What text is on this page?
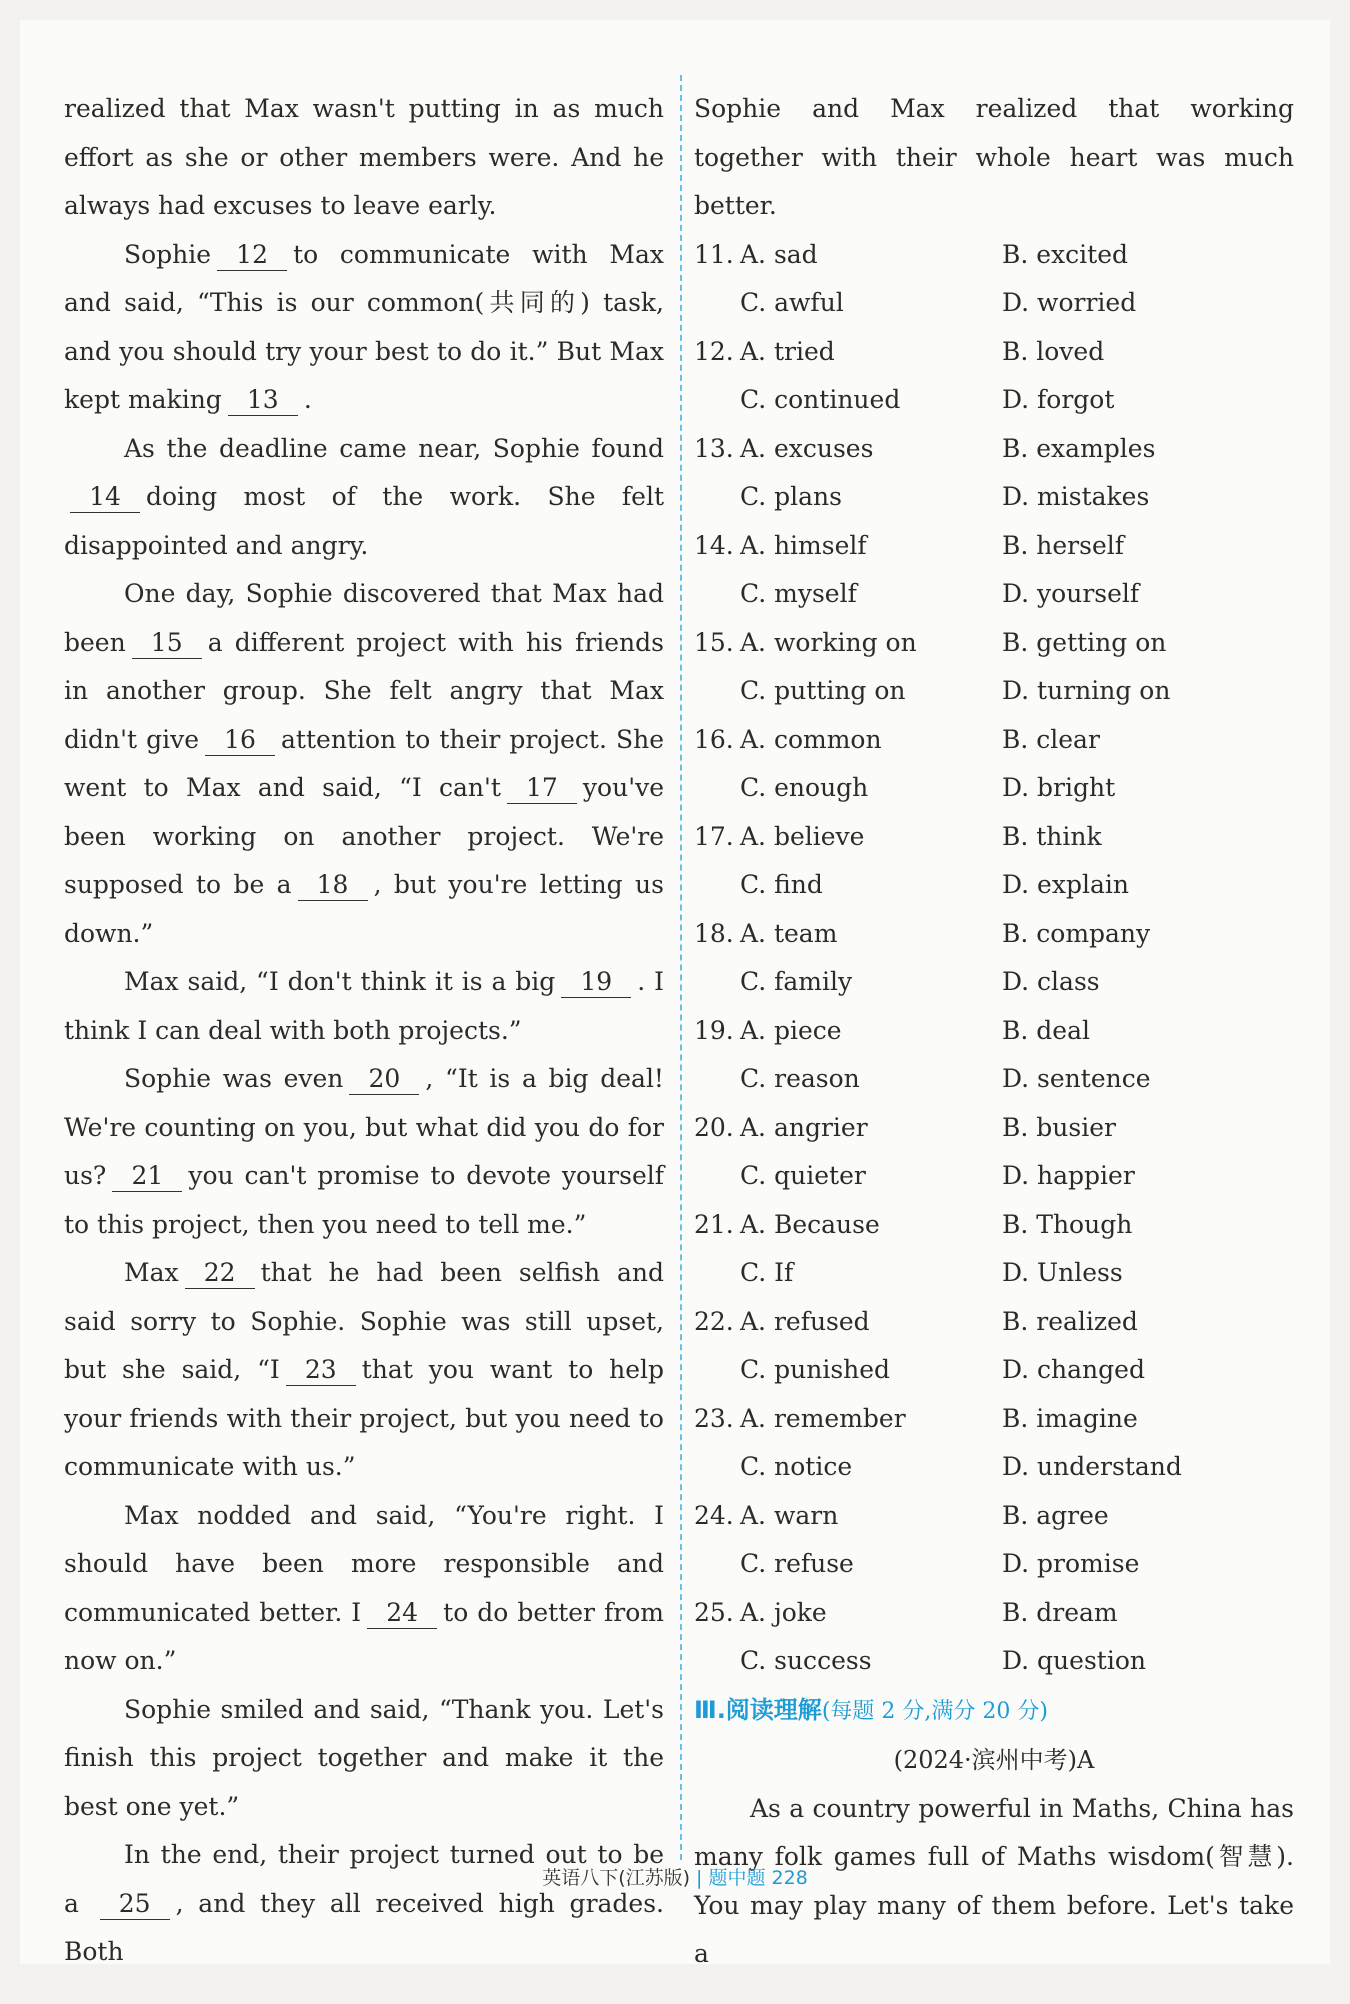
realized that Max wasn't putting in as much effort as she or other members were. And he always had excuses to leave early.

Sophie 12 to communicate with Max and said, “This is our common(共同的) task, and you should try your best to do it.” But Max kept making 13 .

As the deadline came near, Sophie found 14 doing most of the work. She felt disappointed and angry.

One day, Sophie discovered that Max had been 15 a different project with his friends in another group. She felt angry that Max didn't give 16 attention to their project. She went to Max and said, “I can't 17 you've been working on another project. We're supposed to be a 18 , but you're letting us down.”

Max said, “I don't think it is a big 19 . I think I can deal with both projects.”

Sophie was even 20 , “It is a big deal! We're counting on you, but what did you do for us? 21 you can't promise to devote yourself to this project, then you need to tell me.”

Max 22 that he had been selfish and said sorry to Sophie. Sophie was still upset, but she said, “I 23 that you want to help your friends with their project, but you need to communicate with us.”

Max nodded and said, “You're right. I should have been more responsible and communicated better. I 24 to do better from now on.”

Sophie smiled and said, “Thank you. Let's finish this project together and make it the best one yet.”

In the end, their project turned out to be a 25 , and they all received high grades. Both

Sophie and Max realized that working together with their whole heart was much better.

11. A. sad	B. excited
C. awful	D. worried
12. A. tried	B. loved
C. continued	D. forgot
13. A. excuses	B. examples
C. plans	D. mistakes
14. A. himself	B. herself
C. myself	D. yourself
15. A. working on	B. getting on
C. putting on	D. turning on
16. A. common	B. clear
C. enough	D. bright
17. A. believe	B. think
C. find	D. explain
18. A. team	B. company
C. family	D. class
19. A. piece	B. deal
C. reason	D. sentence
20. A. angrier	B. busier
C. quieter	D. happier
21. A. Because	B. Though
C. If	D. Unless
22. A. refused	B. realized
C. punished	D. changed
23. A. remember	B. imagine
C. notice	D. understand
24. A. warn	B. agree
C. refuse	D. promise
25. A. joke	B. dream
C. success	D. question
Ⅲ.阅读理解(每题 2 分,满分 20 分)
(2024·滨州中考)A

As a country powerful in Maths, China has many folk games full of Maths wisdom(智慧). You may play many of them before. Let's take a

英语八下(江苏版) | 题中题 228
